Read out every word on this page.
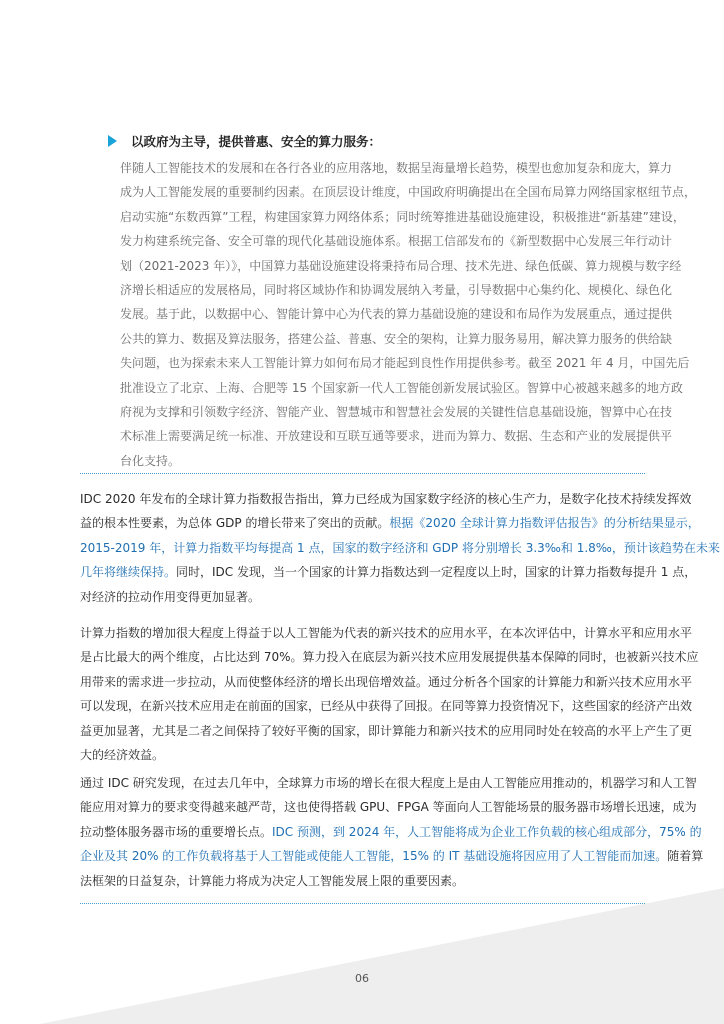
以政府为主导，提供普惠、安全的算力服务：
伴随人工智能技术的发展和在各行各业的应用落地，数据呈海量增长趋势，模型也愈加复杂和庞大，算力
成为人工智能发展的重要制约因素。在顶层设计维度，中国政府明确提出在全国布局算力网络国家枢纽节点，
启动实施“东数西算”工程，构建国家算力网络体系；同时统筹推进基础设施建设，积极推进“新基建”建设，
发力构建系统完备、安全可靠的现代化基础设施体系。根据工信部发布的《新型数据中心发展三年行动计
划（2021-2023 年）》，中国算力基础设施建设将秉持布局合理、技术先进、绿色低碳、算力规模与数字经
济增长相适应的发展格局，同时将区域协作和协调发展纳入考量，引导数据中心集约化、规模化、绿色化
发展。基于此，以数据中心、智能计算中心为代表的算力基础设施的建设和布局作为发展重点，通过提供
公共的算力、数据及算法服务，搭建公益、普惠、安全的架构，让算力服务易用，解决算力服务的供给缺
失问题，也为探索未来人工智能计算力如何布局才能起到良性作用提供参考。截至 2021 年 4 月，中国先后
批准设立了北京、上海、合肥等 15 个国家新一代人工智能创新发展试验区。智算中心被越来越多的地方政
府视为支撑和引领数字经济、智能产业、智慧城市和智慧社会发展的关键性信息基础设施，智算中心在技
术标准上需要满足统一标准、开放建设和互联互通等要求，进而为算力、数据、生态和产业的发展提供平
台化支持。
IDC 2020 年发布的全球计算力指数报告指出，算力已经成为国家数字经济的核心生产力，是数字化技术持续发挥效
益的根本性要素，为总体 GDP 的增长带来了突出的贡献。根据《2020 全球计算力指数评估报告》的分析结果显示，
2015-2019 年，计算力指数平均每提高 1 点，国家的数字经济和 GDP 将分别增长 3.3‰和 1.8‰，预计该趋势在未来
几年将继续保持。同时，IDC 发现，当一个国家的计算力指数达到一定程度以上时，国家的计算力指数每提升 1 点，
对经济的拉动作用变得更加显著。
计算力指数的增加很大程度上得益于以人工智能为代表的新兴技术的应用水平，在本次评估中，计算水平和应用水平
是占比最大的两个维度，占比达到 70%。算力投入在底层为新兴技术应用发展提供基本保障的同时，也被新兴技术应
用带来的需求进一步拉动，从而使整体经济的增长出现倍增效益。通过分析各个国家的计算能力和新兴技术应用水平
可以发现，在新兴技术应用走在前面的国家，已经从中获得了回报。在同等算力投资情况下，这些国家的经济产出效
益更加显著，尤其是二者之间保持了较好平衡的国家，即计算能力和新兴技术的应用同时处在较高的水平上产生了更
大的经济效益。
通过 IDC 研究发现，在过去几年中，全球算力市场的增长在很大程度上是由人工智能应用推动的，机器学习和人工智
能应用对算力的要求变得越来越严苛，这也使得搭载 GPU、FPGA 等面向人工智能场景的服务器市场增长迅速，成为
拉动整体服务器市场的重要增长点。IDC 预测，到 2024 年，人工智能将成为企业工作负载的核心组成部分，75% 的
企业及其 20% 的工作负载将基于人工智能或使能人工智能，15% 的 IT 基础设施将因应用了人工智能而加速。随着算
法框架的日益复杂，计算能力将成为决定人工智能发展上限的重要因素。
06
